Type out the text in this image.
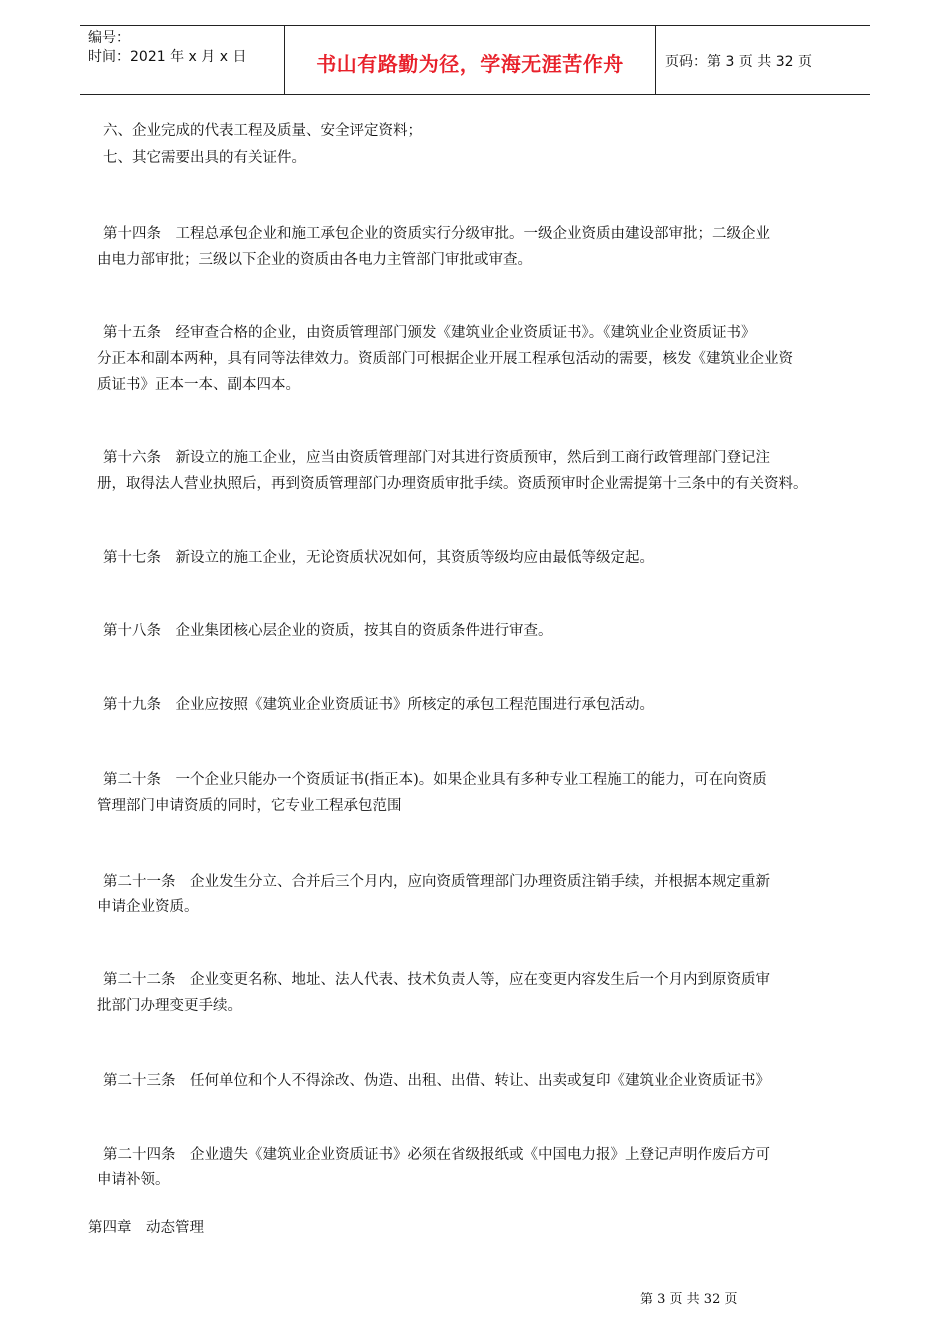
编号：
时间：2021 年 x 月 x 日	书山有路勤为径，学海无涯苦作舟	页码：第 3 页 共 32 页
六、企业完成的代表工程及质量、安全评定资料；
七、其它需要出具的有关证件。
第十四条　工程总承包企业和施工承包企业的资质实行分级审批。一级企业资质由建设部审批；二级企业
由电力部审批；三级以下企业的资质由各电力主管部门审批或审查。
第十五条　经审查合格的企业，由资质管理部门颁发《建筑业企业资质证书》。《建筑业企业资质证书》
分正本和副本两种，具有同等法律效力。资质部门可根据企业开展工程承包活动的需要，核发《建筑业企业资
质证书》正本一本、副本四本。
第十六条　新设立的施工企业，应当由资质管理部门对其进行资质预审，然后到工商行政管理部门登记注
册，取得法人营业执照后，再到资质管理部门办理资质审批手续。资质预审时企业需提第十三条中的有关资料。
第十七条　新设立的施工企业，无论资质状况如何，其资质等级均应由最低等级定起。
第十八条　企业集团核心层企业的资质，按其自的资质条件进行审查。
第十九条　企业应按照《建筑业企业资质证书》所核定的承包工程范围进行承包活动。
第二十条　一个企业只能办一个资质证书(指正本)。如果企业具有多种专业工程施工的能力，可在向资质
管理部门申请资质的同时，它专业工程承包范围
第二十一条　企业发生分立、合并后三个月内，应向资质管理部门办理资质注销手续，并根据本规定重新
申请企业资质。
第二十二条　企业变更名称、地址、法人代表、技术负责人等，应在变更内容发生后一个月内到原资质审
批部门办理变更手续。
第二十三条　任何单位和个人不得涂改、伪造、出租、出借、转让、出卖或复印《建筑业企业资质证书》
第二十四条　企业遗失《建筑业企业资质证书》必须在省级报纸或《中国电力报》上登记声明作废后方可
申请补领。
第四章　动态管理
第 3 页 共 32 页
